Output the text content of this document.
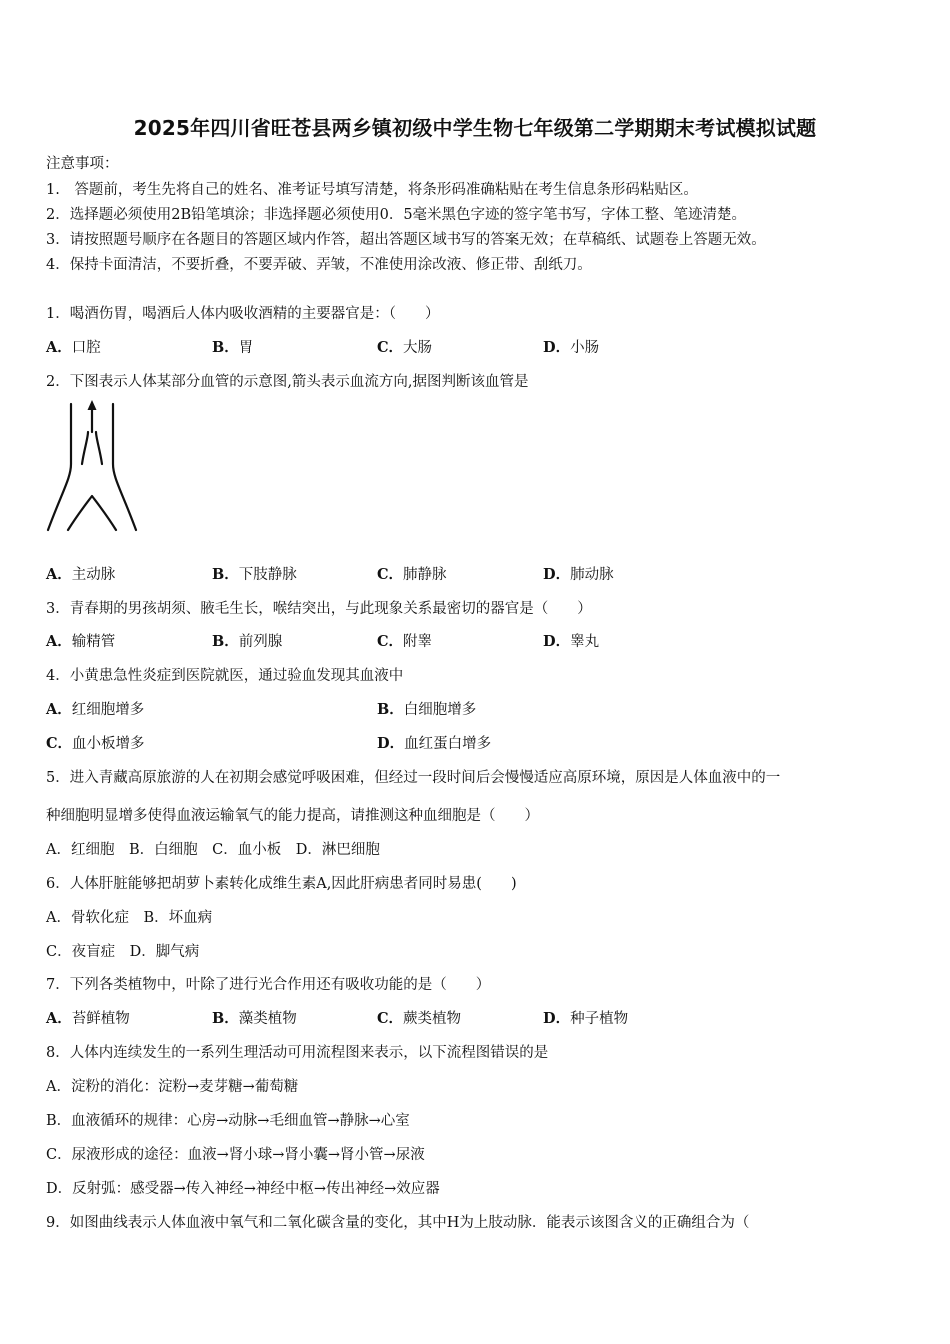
2025年四川省旺苍县两乡镇初级中学生物七年级第二学期期末考试模拟试题
注意事项：
1.　答题前，考生先将自己的姓名、准考证号填写清楚，将条形码准确粘贴在考生信息条形码粘贴区。
2．选择题必须使用2B铅笔填涂；非选择题必须使用0．5毫米黑色字迹的签字笔书写，字体工整、笔迹清楚。
3．请按照题号顺序在各题目的答题区域内作答，超出答题区域书写的答案无效；在草稿纸、试题卷上答题无效。
4．保持卡面清洁，不要折叠，不要弄破、弄皱，不准使用涂改液、修正带、刮纸刀。
1．喝酒伤胃，喝酒后人体内吸收酒精的主要器官是：（　　）
A．口腔	B．胃	C．大肠	D．小肠
2．下图表示人体某部分血管的示意图,箭头表示血流方向,据图判断该血管是
A．主动脉	B．下肢静脉	C．肺静脉	D．肺动脉
3．青春期的男孩胡须、腋毛生长，喉结突出，与此现象关系最密切的器官是（　　）
A．输精管	B．前列腺	C．附睾	D．睾丸
4．小黄患急性炎症到医院就医，通过验血发现其血液中
A．红细胞增多	B．白细胞增多
C．血小板增多	D．血红蛋白增多
5．进入青藏高原旅游的人在初期会感觉呼吸困难，但经过一段时间后会慢慢适应高原环境，原因是人体血液中的一
种细胞明显增多使得血液运输氧气的能力提高，请推测这种血细胞是（　　）
A．红细胞　B．白细胞　C．血小板　D．淋巴细胞
6．人体肝脏能够把胡萝卜素转化成维生素A,因此肝病患者同时易患(　　)
A．骨软化症　B．坏血病
C．夜盲症　D．脚气病
7．下列各类植物中，叶除了进行光合作用还有吸收功能的是（　　）
A．苔鲜植物	B．藻类植物	C．蕨类植物	D．种子植物
8．人体内连续发生的一系列生理活动可用流程图来表示，以下流程图错误的是
A．淀粉的消化：淀粉→麦芽糖→葡萄糖
B．血液循环的规律：心房→动脉→毛细血管→静脉→心室
C．尿液形成的途径：血液→肾小球→肾小囊→肾小管→尿液
D．反射弧：感受器→传入神经→神经中枢→传出神经→效应器
9．如图曲线表示人体血液中氧气和二氧化碳含量的变化，其中H为上肢动脉．能表示该图含义的正确组合为（
